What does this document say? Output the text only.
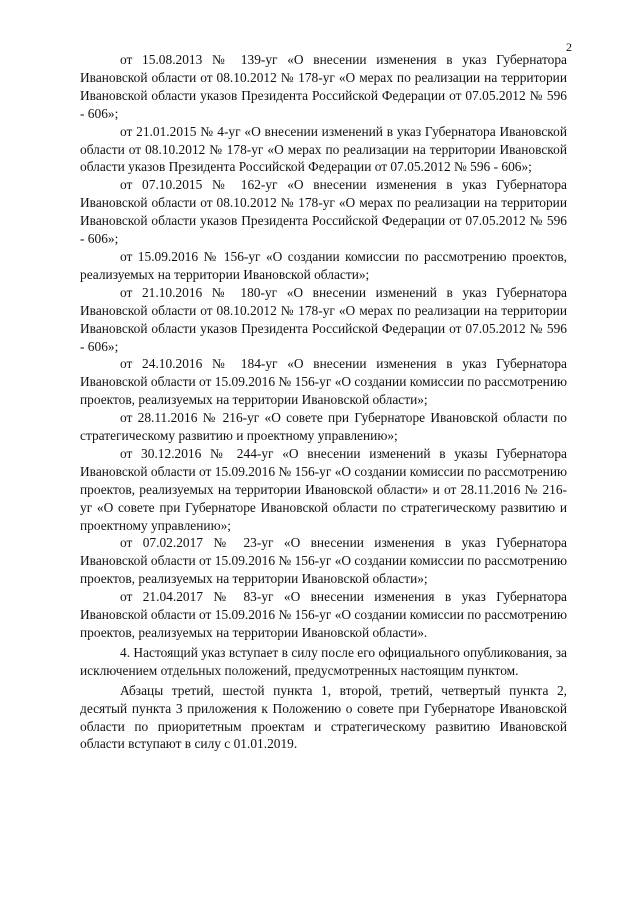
2

от 15.08.2013 № 139-уг «О внесении изменения в указ Губернатора Ивановской области от 08.10.2012 № 178-уг «О мерах по реализации на территории Ивановской области указов Президента Российской Федерации от 07.05.2012 № 596 - 606»;

от 21.01.2015 № 4-уг «О внесении изменений в указ Губернатора Ивановской области от 08.10.2012 № 178-уг «О мерах по реализации на территории Ивановской области указов Президента Российской Федерации от 07.05.2012 № 596 - 606»;

от 07.10.2015 № 162-уг «О внесении изменения в указ Губернатора Ивановской области от 08.10.2012 № 178-уг «О мерах по реализации на территории Ивановской области указов Президента Российской Федерации от 07.05.2012 № 596 - 606»;

от 15.09.2016 № 156-уг «О создании комиссии по рассмотрению проектов, реализуемых на территории Ивановской области»;

от 21.10.2016 № 180-уг «О внесении изменений в указ Губернатора Ивановской области от 08.10.2012 № 178-уг «О мерах по реализации на территории Ивановской области указов Президента Российской Федерации от 07.05.2012 № 596 - 606»;

от 24.10.2016 № 184-уг «О внесении изменения в указ Губернатора Ивановской области от 15.09.2016 № 156-уг «О создании комиссии по рассмотрению проектов, реализуемых на территории Ивановской области»;

от 28.11.2016 № 216-уг «О совете при Губернаторе Ивановской области по стратегическому развитию и проектному управлению»;

от 30.12.2016 № 244-уг «О внесении изменений в указы Губернатора Ивановской области от 15.09.2016 № 156-уг «О создании комиссии по рассмотрению проектов, реализуемых на территории Ивановской области» и от 28.11.2016 № 216-уг «О совете при Губернаторе Ивановской области по стратегическому развитию и проектному управлению»;

от 07.02.2017 № 23-уг «О внесении изменения в указ Губернатора Ивановской области от 15.09.2016 № 156-уг «О создании комиссии по рассмотрению проектов, реализуемых на территории Ивановской области»;

от 21.04.2017 № 83-уг «О внесении изменения в указ Губернатора Ивановской области от 15.09.2016 № 156-уг «О создании комиссии по рассмотрению проектов, реализуемых на территории Ивановской области».

4. Настоящий указ вступает в силу после его официального опубликования, за исключением отдельных положений, предусмотренных настоящим пунктом.

Абзацы третий, шестой пункта 1, второй, третий, четвертый пункта 2, десятый пункта 3 приложения к Положению о совете при Губернаторе Ивановской области по приоритетным проектам и стратегическому развитию Ивановской области вступают в силу с 01.01.2019.
